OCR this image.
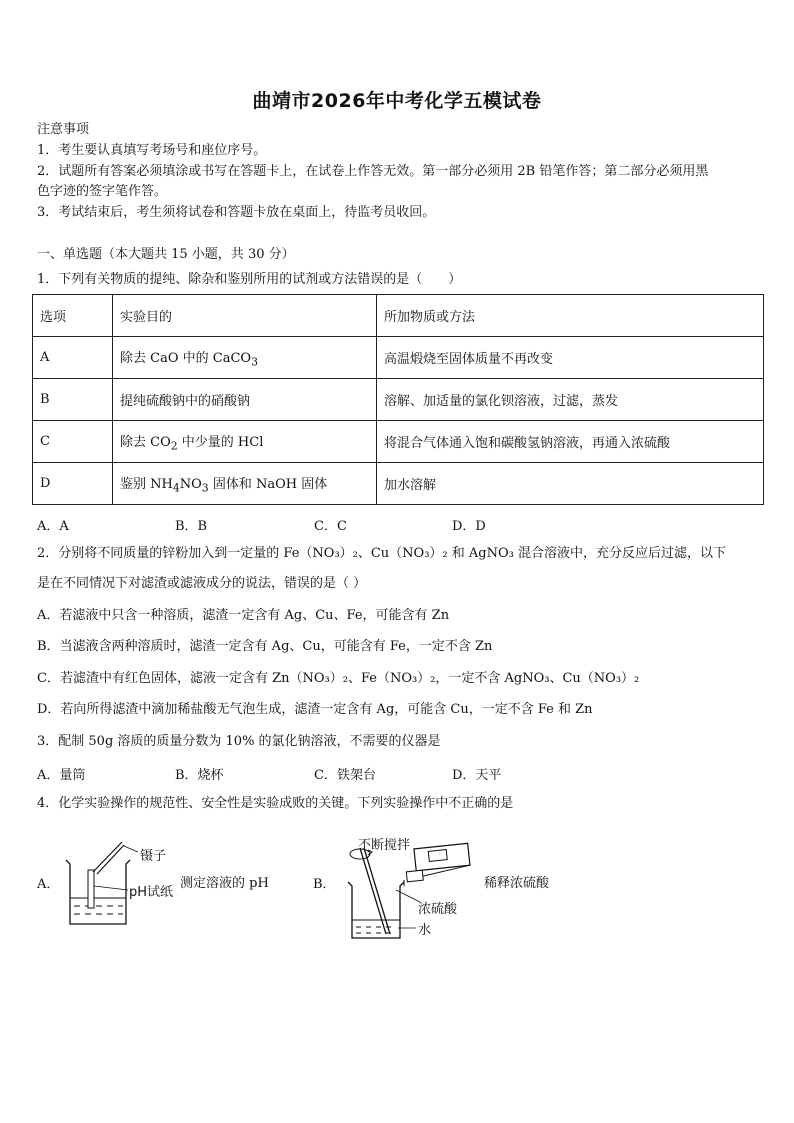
曲靖市2026年中考化学五模试卷
注意事项
1．考生要认真填写考场号和座位序号。
2．试题所有答案必须填涂或书写在答题卡上，在试卷上作答无效。第一部分必须用 2B 铅笔作答；第二部分必须用黑
色字迹的签字笔作答。
3．考试结束后，考生须将试卷和答题卡放在桌面上，待监考员收回。
一、单选题（本大题共 15 小题，共 30 分）
1．下列有关物质的提纯、除杂和鉴别所用的试剂或方法错误的是（　　）
选项	实验目的	所加物质或方法
A	除去 CaO 中的 CaCO$_3$	高温煅烧至固体质量不再改变
B	提纯硫酸钠中的硝酸钠	溶解、加适量的氯化钡溶液，过滤，蒸发
C	除去 $CO_2$ 中少量的 HCl	将混合气体通入饱和碳酸氢钠溶液，再通入浓硫酸
D	鉴别 $NH_4NO_3$ 固体和 NaOH 固体	加水溶解
A．A	B．B	C．C	D．D
2．分别将不同质量的锌粉加入到一定量的 Fe（NO₃）₂、Cu（NO₃）₂ 和 AgNO₃ 混合溶液中，充分反应后过滤，以下
是在不同情况下对滤渣或滤液成分的说法，错误的是（ ）
A．若滤液中只含一种溶质，滤渣一定含有 Ag、Cu、Fe，可能含有 Zn
B．当滤液含两种溶质时，滤渣一定含有 Ag、Cu，可能含有 Fe，一定不含 Zn
C．若滤渣中有红色固体，滤液一定含有 Zn（NO₃）₂、Fe（NO₃）₂，一定不含 AgNO₃、Cu（NO₃）₂
D．若向所得滤渣中滴加稀盐酸无气泡生成，滤渣一定含有 Ag，可能含 Cu，一定不含 Fe 和 Zn
3．配制 50g 溶质的质量分数为 10% 的氯化钠溶液，不需要的仪器是
A．量筒	B．烧杯	C．铁架台	D．天平
4．化学实验操作的规范性、安全性是实验成败的关键。下列实验操作中不正确的是
A．
镊子
pH试纸
测定溶液的 pH	B．
不断搅拌
浓硫酸
水
稀释浓硫酸
